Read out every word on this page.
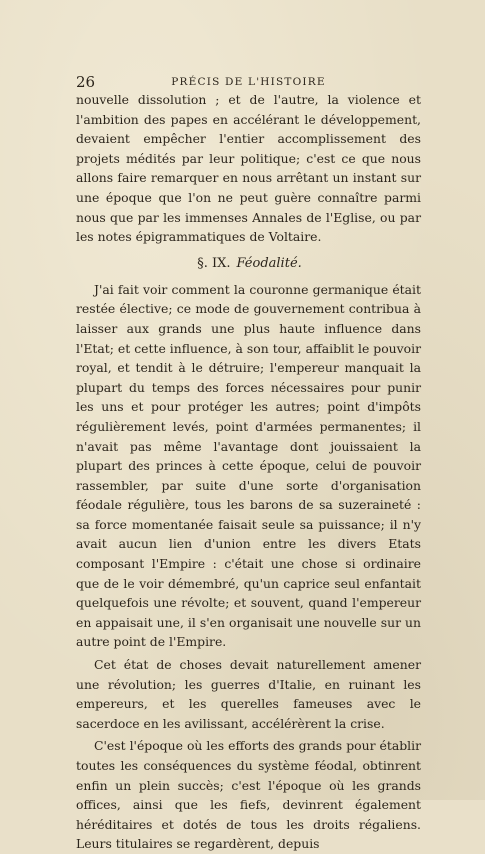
26	PRÉCIS DE L'HISTOIRE

nouvelle dissolution ; et de l'autre, la violence et l'ambition des papes en accélérant le développement, devaient empêcher l'entier accomplissement des projets médités par leur politique; c'est ce que nous allons faire remarquer en nous arrêtant un instant sur une époque que l'on ne peut guère connaître parmi nous que par les immenses Annales de l'Eglise, ou par les notes épigrammatiques de Voltaire.

§. IX. Féodalité.

J'ai fait voir comment la couronne germanique était restée élective; ce mode de gouvernement contribua à laisser aux grands une plus haute influence dans l'Etat; et cette influence, à son tour, affaiblit le pouvoir royal, et tendit à le détruire; l'empereur manquait la plupart du temps des forces nécessaires pour punir les uns et pour protéger les autres; point d'impôts régulièrement levés, point d'armées permanentes; il n'avait pas même l'avantage dont jouissaient la plupart des princes à cette époque, celui de pouvoir rassembler, par suite d'une sorte d'organisation féodale régulière, tous les barons de sa suzeraineté : sa force momentanée faisait seule sa puissance; il n'y avait aucun lien d'union entre les divers Etats composant l'Empire : c'était une chose si ordinaire que de le voir démembré, qu'un caprice seul enfantait quelquefois une révolte; et souvent, quand l'empereur en appaisait une, il s'en organisait une nouvelle sur un autre point de l'Empire.

Cet état de choses devait naturellement amener une révolution; les guerres d'Italie, en ruinant les empereurs, et les querelles fameuses avec le sacerdoce en les avilissant, accélérèrent la crise.

C'est l'époque où les efforts des grands pour établir toutes les conséquences du système féodal, obtinrent enfin un plein succès; c'est l'époque où les grands offices, ainsi que les fiefs, devinrent également héréditaires et dotés de tous les droits régaliens. Leurs titulaires se regardèrent, depuis
